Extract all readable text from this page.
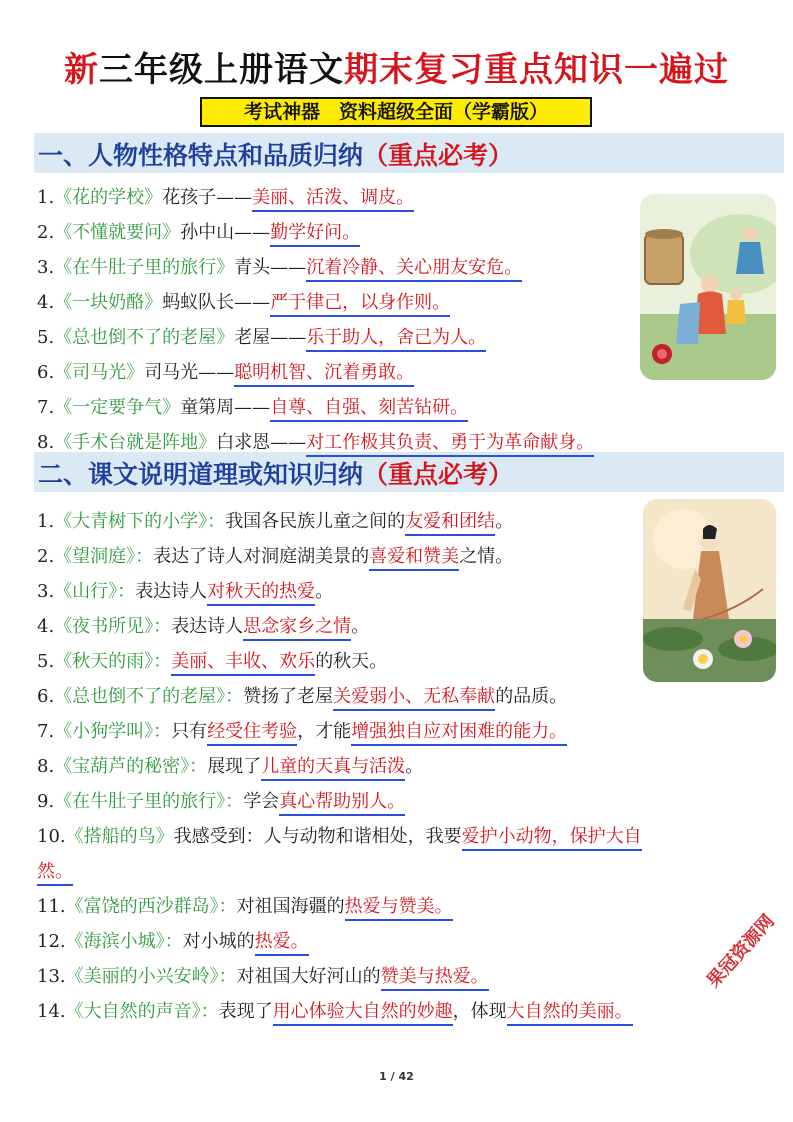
新三年级上册语文期末复习重点知识一遍过
考试神器　资料超级全面（学霸版）
一、人物性格特点和品质归纳（重点必考）
二、课文说明道理或知识归纳（重点必考）
1.《花的学校》花孩子——美丽、活泼、调皮。
2.《不懂就要问》孙中山——勤学好问。
3.《在牛肚子里的旅行》青头——沉着冷静、关心朋友安危。
4.《一块奶酪》蚂蚁队长——严于律己，以身作则。
5.《总也倒不了的老屋》老屋——乐于助人，舍己为人。
6.《司马光》司马光——聪明机智、沉着勇敢。
7.《一定要争气》童第周——自尊、自强、刻苦钻研。
8.《手术台就是阵地》白求恩——对工作极其负责、勇于为革命献身。
1.《大青树下的小学》：我国各民族儿童之间的友爱和团结。
2.《望洞庭》：表达了诗人对洞庭湖美景的喜爱和赞美之情。
3.《山行》：表达诗人对秋天的热爱。
4.《夜书所见》：表达诗人思念家乡之情。
5.《秋天的雨》：美丽、丰收、欢乐的秋天。
6.《总也倒不了的老屋》：赞扬了老屋关爱弱小、无私奉献的品质。
7.《小狗学叫》：只有经受住考验，才能增强独自应对困难的能力。
8.《宝葫芦的秘密》：展现了儿童的天真与活泼。
9.《在牛肚子里的旅行》：学会真心帮助别人。
10.《搭船的鸟》我感受到：人与动物和谐相处，我要爱护小动物，保护大自
然。
11.《富饶的西沙群岛》：对祖国海疆的热爱与赞美。
12.《海滨小城》：对小城的热爱。
13.《美丽的小兴安岭》：对祖国大好河山的赞美与热爱。
14.《大自然的声音》：表现了用心体验大自然的妙趣，体现大自然的美丽。
1 / 42
果冠资源网
